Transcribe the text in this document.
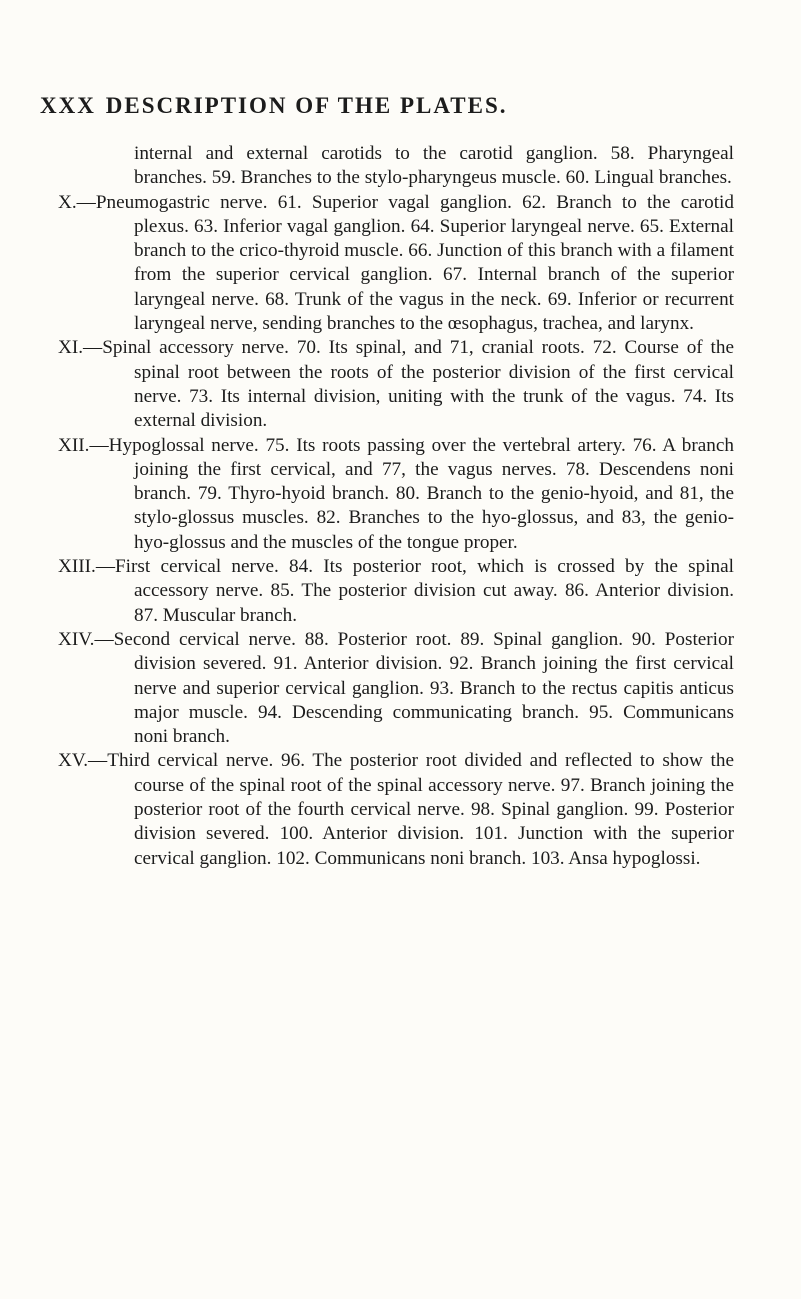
XXX DESCRIPTION OF THE PLATES.

internal and external carotids to the carotid ganglion. 58. Pharyngeal branches. 59. Branches to the stylo-pharyngeus muscle. 60. Lingual branches.

X.—Pneumogastric nerve. 61. Superior vagal ganglion. 62. Branch to the carotid plexus. 63. Inferior vagal ganglion. 64. Superior laryngeal nerve. 65. External branch to the crico-thyroid muscle. 66. Junction of this branch with a filament from the superior cervical ganglion. 67. Internal branch of the superior laryngeal nerve. 68. Trunk of the vagus in the neck. 69. Inferior or recurrent laryngeal nerve, sending branches to the œsophagus, trachea, and larynx.

XI.—Spinal accessory nerve. 70. Its spinal, and 71, cranial roots. 72. Course of the spinal root between the roots of the posterior division of the first cervical nerve. 73. Its internal division, uniting with the trunk of the vagus. 74. Its external division.

XII.—Hypoglossal nerve. 75. Its roots passing over the vertebral artery. 76. A branch joining the first cervical, and 77, the vagus nerves. 78. Descendens noni branch. 79. Thyro-hyoid branch. 80. Branch to the genio-hyoid, and 81, the stylo-glossus muscles. 82. Branches to the hyo-glossus, and 83, the genio-hyo-glossus and the muscles of the tongue proper.

XIII.—First cervical nerve. 84. Its posterior root, which is crossed by the spinal accessory nerve. 85. The posterior division cut away. 86. Anterior division. 87. Muscular branch.

XIV.—Second cervical nerve. 88. Posterior root. 89. Spinal ganglion. 90. Posterior division severed. 91. Anterior division. 92. Branch joining the first cervical nerve and superior cervical ganglion. 93. Branch to the rectus capitis anticus major muscle. 94. Descending communicating branch. 95. Communicans noni branch.

XV.—Third cervical nerve. 96. The posterior root divided and reflected to show the course of the spinal root of the spinal accessory nerve. 97. Branch joining the posterior root of the fourth cervical nerve. 98. Spinal ganglion. 99. Posterior division severed. 100. Anterior division. 101. Junction with the superior cervical ganglion. 102. Communicans noni branch. 103. Ansa hypoglossi.
